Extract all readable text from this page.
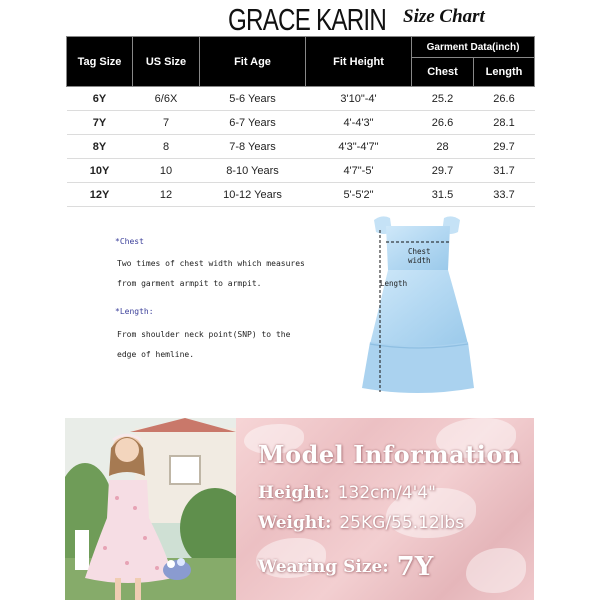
GRACE KARIN Size Chart
Tag Size	US Size	Fit Age	Fit Height	Garment Data(inch)	
				Chest	Length
6Y	6/6X	5-6 Years	3'10"-4'	25.2	26.6
7Y	7	6-7 Years	4'-4'3"	26.6	28.1
8Y	8	7-8 Years	4'3"-4'7"	28	29.7
10Y	10	8-10 Years	4'7"-5'	29.7	31.7
12Y	12	10-12 Years	5'-5'2"	31.5	33.7
*Chest
Two times of chest width which measures
from garment armpit to armpit.
*Length:
From shoulder neck point(SNP) to the
edge of hemline.
Chest
width
Length
Model Information
Height: 132cm/4'4"
Weight: 25KG/55.12lbs
Wearing Size: 7Y
